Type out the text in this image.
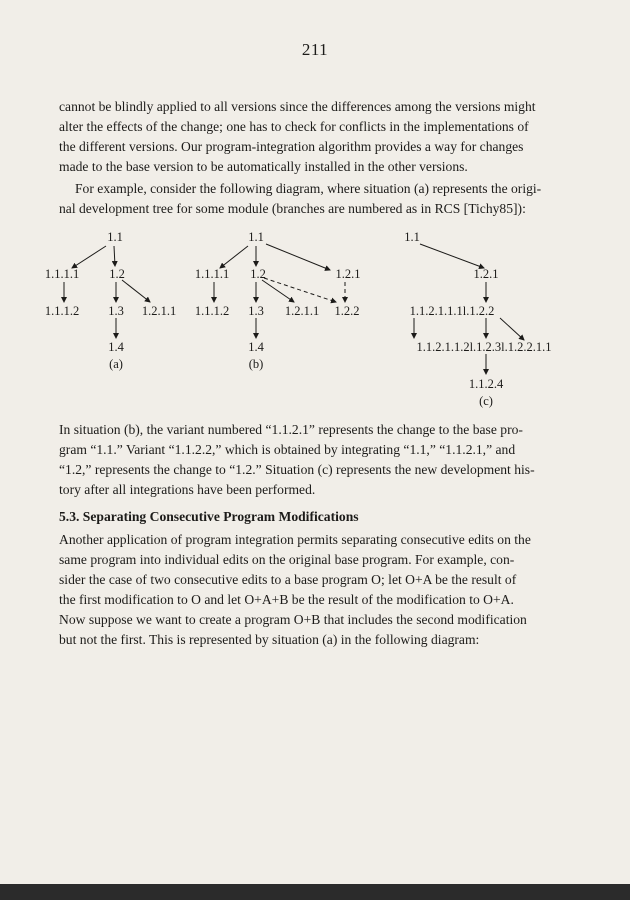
211

cannot be blindly applied to all versions since the differences among the versions might
alter the effects of the change; one has to check for conflicts in the implementations of
the different versions. Our program-integration algorithm provides a way for changes
made to the base version to be automatically installed in the other versions.

For example, consider the following diagram, where situation (a) represents the origi-
nal development tree for some module (branches are numbered as in RCS [Tichy85]):

1.1
1.1.1.1 1.2
1.1.1.2 1.3 1.2.1.1
1.4
(a)
1.1
1.1.1.1 1.2	1.2.1
1.1.1.2 1.3 1.2.1.1 1.2.2
1.4
(b)
1.1
1.2.1
1.1.2.1.1.1l.1.2.2
1.1.2.1.1.2l.1.2.3l.1.2.2.1.1
1.1.2.4
(c)

In situation (b), the variant numbered “1.1.2.1” represents the change to the base pro-
gram “1.1.” Variant “1.1.2.2,” which is obtained by integrating “1.1,” “1.1.2.1,” and
“1.2,” represents the change to “1.2.” Situation (c) represents the new development his-
tory after all integrations have been performed.

5.3. Separating Consecutive Program Modifications

Another application of program integration permits separating consecutive edits on the
same program into individual edits on the original base program. For example, con-
sider the case of two consecutive edits to a base program O; let O+A be the result of
the first modification to O and let O+A+B be the result of the modification to O+A.
Now suppose we want to create a program O+B that includes the second modification
but not the first. This is represented by situation (a) in the following diagram:
